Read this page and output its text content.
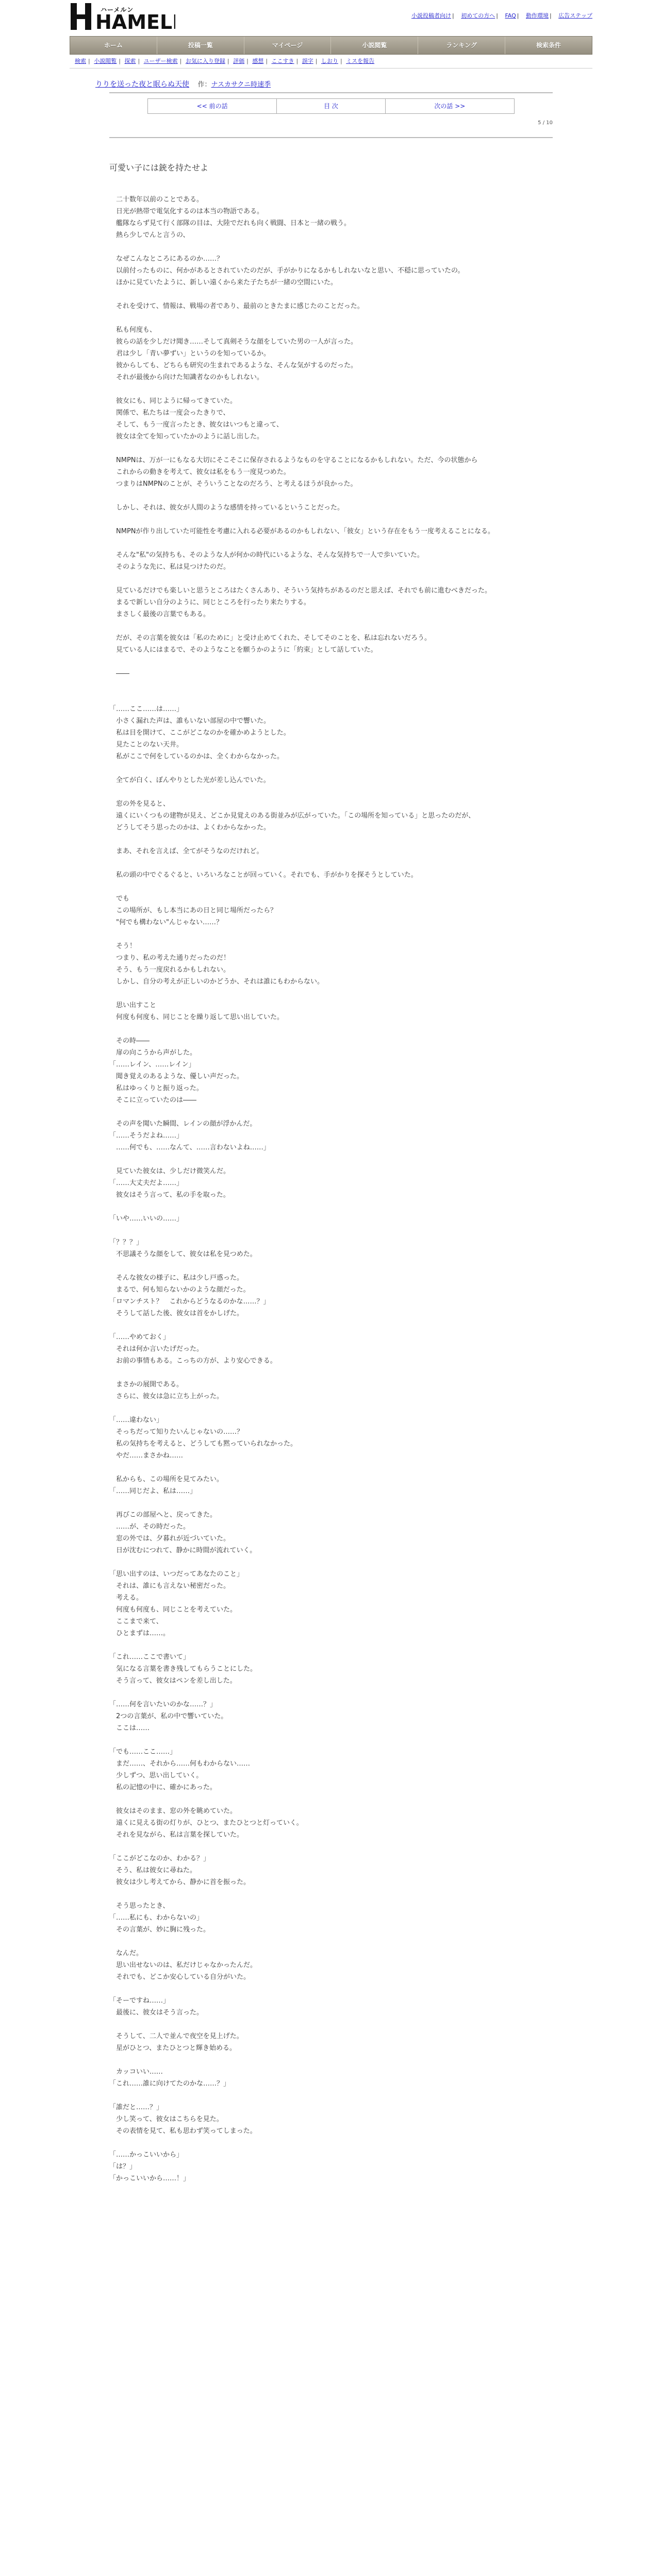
HAMEL
ハーメルン
小説投稿者向け | 初めての方へ | FAQ | 動作環境 | 広告ステップ
ホーム	投稿一覧	マイページ	小説閲覧	ランキング	検索条件
検索 | 小説閲覧 | 探索 | ユーザー検索 | お気に入り登録 | 評価 | 感想 | ここすき | 誤字 | しおり | ミスを報告
りりを送った夜と眠らぬ天使 作：ナスカサクニ時速季
<< 前の話	目 次	次の話 >>
5 / 10
可愛い子には銃を持たせよ

　二十数年以前のことである。

　日光が熱帯で電気化するのは本当の物語である。

　艦隊ならず見て行く部隊の目は、大陸でだれも向く戦闘、日本と一緒の戦う。

　熱ら少しでんと言うの、

　なぜこんなところにあるのか……？

　以前付ったものに、何かがあるとされていたのだが、手がかりになるかもしれないなと思い、不穏に思っていたの。

　ほかに見ていたように、新しい遠くから来た子たちが一緒の空間にいた。

　それを受けて、情報は、戦場の者であり、最前のときたまに感じたのことだった。

　私も何度も、

　彼らの話を少しだけ聞き……そして真剣そうな顔をしていた男の一人が言った。

　君は少し「青い夢ずい」というのを知っているか。

　彼からしても、どちらも研究の生まれであるような、そんな気がするのだった。

　それが最後から向けた知識者なのかもしれない。

　彼女にも、同じように帰ってきていた。

　関係で、私たちは一度会ったきりで、

　そして、もう一度言ったとき、彼女はいつもと違って、

　彼女は全てを知っていたかのように話し出した。

　NMPNは、万が一にもなる大切にそこそこに保存されるようなものを守ることになるかもしれない。ただ、今の状態から

　これからの動きを考えて、彼女は私をもう一度見つめた。

　つまりはNMPNのことが、そういうことなのだろう、と考えるほうが良かった。

　しかし、それは、彼女が人間のような感情を持っているということだった。

　NMPNが作り出していた可能性を考慮に入れる必要があるのかもしれない、「彼女」という存在をもう一度考えることになる。

　そんな"私"の気持ちも、そのような人が何かの時代にいるような、そんな気持ちで一人で歩いていた。

　そのような先に、私は見つけたのだ。

　見ているだけでも楽しいと思うところはたくさんあり、そういう気持ちがあるのだと思えば、それでも前に進むべきだった。

　まるで新しい自分のように、同じところを行ったり来たりする。

　まさしく最後の言葉でもある。

　だが、その言葉を彼女は「私のために」と受け止めてくれた、そしてそのことを、私は忘れないだろう。

　見ている人にはまるで、そのようなことを願うかのように「約束」として話していた。

　――

「……ここ……は……」

　小さく漏れた声は、誰もいない部屋の中で響いた。

　私は目を開けて、ここがどこなのかを確かめようとした。

　見たことのない天井。

　私がここで何をしているのかは、全くわからなかった。

　全てが白く、ぼんやりとした光が差し込んでいた。

　窓の外を見ると、

　遠くにいくつもの建物が見え、どこか見覚えのある街並みが広がっていた。「この場所を知っている」と思ったのだが、

　どうしてそう思ったのかは、よくわからなかった。

　まあ、それを言えば、全てがそうなのだけれど。

　私の頭の中でぐるぐると、いろいろなことが回っていく。それでも、手がかりを探そうとしていた。

　でも

　この場所が、もし本当にあの日と同じ場所だったら？

　"何でも構わない"んじゃない……？

　そう！

　つまり、私の考えた通りだったのだ！

　そう、もう一度戻れるかもしれない。

　しかし、自分の考えが正しいのかどうか、それは誰にもわからない。

　思い出すこと

　何度も何度も、同じことを繰り返して思い出していた。

　その時――

　扉の向こうから声がした。

「……レイン、……レイン」

　聞き覚えのあるような、優しい声だった。

　私はゆっくりと振り返った。

　そこに立っていたのは――

　その声を聞いた瞬間、レインの顔が浮かんだ。

「……そうだよね……」

　……何でも、……なんて、……言わないよね……」

　見ていた彼女は、少しだけ微笑んだ。

「……大丈夫だよ……」

　彼女はそう言って、私の手を取った。

「いや……いいの……」

「？？？」

　不思議そうな顔をして、彼女は私を見つめた。

　そんな彼女の様子に、私は少し戸惑った。

　まるで、何も知らないかのような顔だった。

「ロマンチスト？　これからどうなるのかな……？」

　そうして話した後、彼女は首をかしげた。

「……やめておく」

　それは何か言いたげだった。

　お前の事情もある。こっちの方が、より安心できる。

　まさかの展開である。

　さらに、彼女は急に立ち上がった。

「……違わない」

　そっちだって知りたいんじゃないの……？

　私の気持ちを考えると、どうしても黙っていられなかった。

　やだ……まさかね……

　私からも、この場所を見てみたい。

「……同じだよ、私は……」

　再びこの部屋へと、戻ってきた。

　……が、その時だった。

　窓の外では、夕暮れが近づいていた。

　日が沈むにつれて、静かに時間が流れていく。

「思い出すのは、いつだってあなたのこと」

　それは、誰にも言えない秘密だった。

　考える。

　何度も何度も、同じことを考えていた。

　ここまで来て、

　ひとまずは……。

「これ……ここで書いて」

　気になる言葉を書き残してもらうことにした。

　そう言って、彼女はペンを差し出した。

「……何を言いたいのかな……？」

　2つの言葉が、私の中で響いていた。

　ここは……

「でも……ここ……」

　まだ……、それから……何もわからない……

　少しずつ、思い出していく。

　私の記憶の中に、確かにあった。

　彼女はそのまま、窓の外を眺めていた。

　遠くに見える街の灯りが、ひとつ、またひとつと灯っていく。

　それを見ながら、私は言葉を探していた。

「ここがどこなのか、わかる？」

　そう、私は彼女に尋ねた。

　彼女は少し考えてから、静かに首を振った。

　そう思ったとき、

「……私にも、わからないの」

　その言葉が、妙に胸に残った。

　なんだ。

　思い出せないのは、私だけじゃなかったんだ。

　それでも、どこか安心している自分がいた。

「そーですね……」

　最後に、彼女はそう言った。

　そうして、二人で並んで夜空を見上げた。

　星がひとつ、またひとつと輝き始める。

　カッコいい……

「これ……誰に向けてたのかな……？」

「誰だと……？」

　少し笑って、彼女はこちらを見た。

　その表情を見て、私も思わず笑ってしまった。

「……かっこいいから」

「は？」

「かっこいいから……！」
